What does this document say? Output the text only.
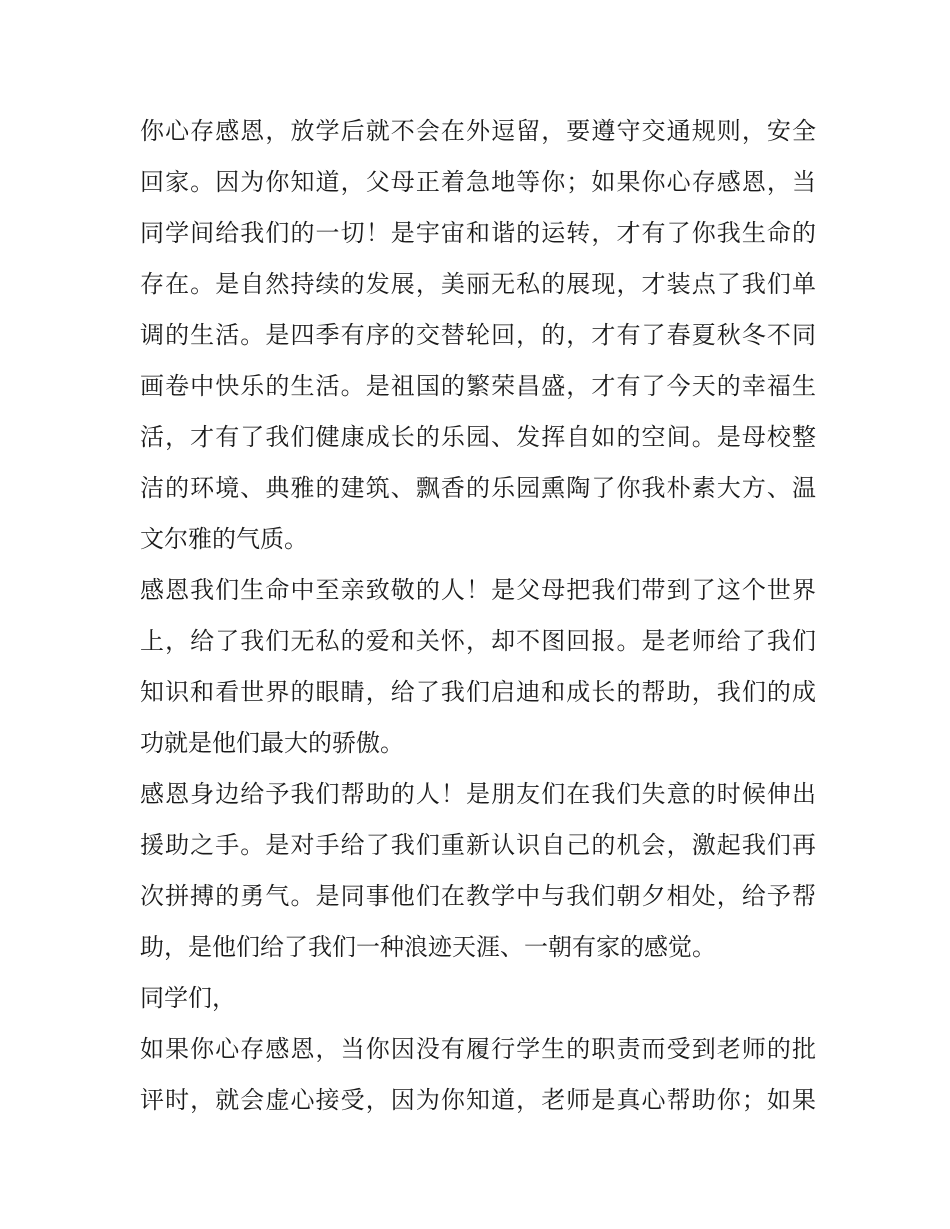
你心存感恩，放学后就不会在外逗留，要遵守交通规则，安全
回家。因为你知道，父母正着急地等你；如果你心存感恩，当
同学间给我们的一切！是宇宙和谐的运转，才有了你我生命的
存在。是自然持续的发展，美丽无私的展现，才装点了我们单
调的生活。是四季有序的交替轮回，的，才有了春夏秋冬不同
画卷中快乐的生活。是祖国的繁荣昌盛，才有了今天的幸福生
活，才有了我们健康成长的乐园、发挥自如的空间。是母校整
洁的环境、典雅的建筑、飘香的乐园熏陶了你我朴素大方、温
文尔雅的气质。
感恩我们生命中至亲致敬的人！是父母把我们带到了这个世界
上，给了我们无私的爱和关怀，却不图回报。是老师给了我们
知识和看世界的眼睛，给了我们启迪和成长的帮助，我们的成
功就是他们最大的骄傲。
感恩身边给予我们帮助的人！是朋友们在我们失意的时候伸出
援助之手。是对手给了我们重新认识自己的机会，激起我们再
次拼搏的勇气。是同事他们在教学中与我们朝夕相处，给予帮
助，是他们给了我们一种浪迹天涯、一朝有家的感觉。
同学们，
如果你心存感恩，当你因没有履行学生的职责而受到老师的批
评时，就会虚心接受，因为你知道，老师是真心帮助你；如果
